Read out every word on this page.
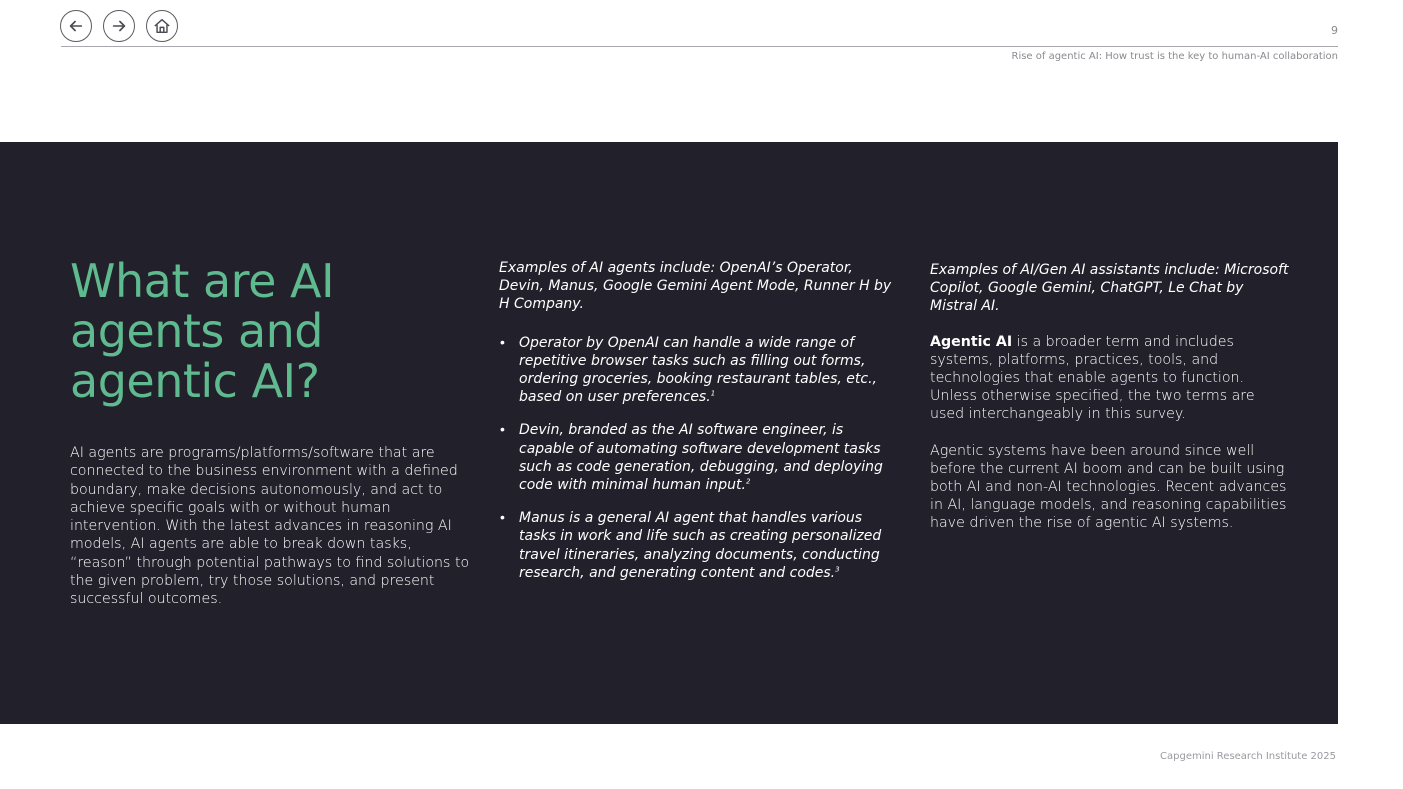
9
Rise of agentic AI: How trust is the key to human-AI collaboration
What are AI agents and agentic AI?

AI agents are programs/platforms/software that are connected to the business environment with a defined boundary, make decisions autonomously, and act to achieve specific goals with or without human intervention. With the latest advances in reasoning AI models, AI agents are able to break down tasks, “reason” through potential pathways to find solutions to the given problem, try those solutions, and present successful outcomes.

Examples of AI agents include: OpenAI’s Operator, Devin, Manus, Google Gemini Agent Mode, Runner H by H Company.

• Operator by OpenAI can handle a wide range of repetitive browser tasks such as filling out forms, ordering groceries, booking restaurant tables, etc., based on user preferences.$^1$
• Devin, branded as the AI software engineer, is capable of automating software development tasks such as code generation, debugging, and deploying code with minimal human input.$^2$
• Manus is a general AI agent that handles various tasks in work and life such as creating personalized travel itineraries, analyzing documents, conducting research, and generating content and codes.$^3$

Examples of AI/Gen AI assistants include: Microsoft Copilot, Google Gemini, ChatGPT, Le Chat by Mistral AI.

Agentic AI is a broader term and includes systems, platforms, practices, tools, and technologies that enable agents to function. Unless otherwise specified, the two terms are used interchangeably in this survey.

Agentic systems have been around since well before the current AI boom and can be built using both AI and non-AI technologies. Recent advances in AI, language models, and reasoning capabilities have driven the rise of agentic AI systems.

Capgemini Research Institute 2025
